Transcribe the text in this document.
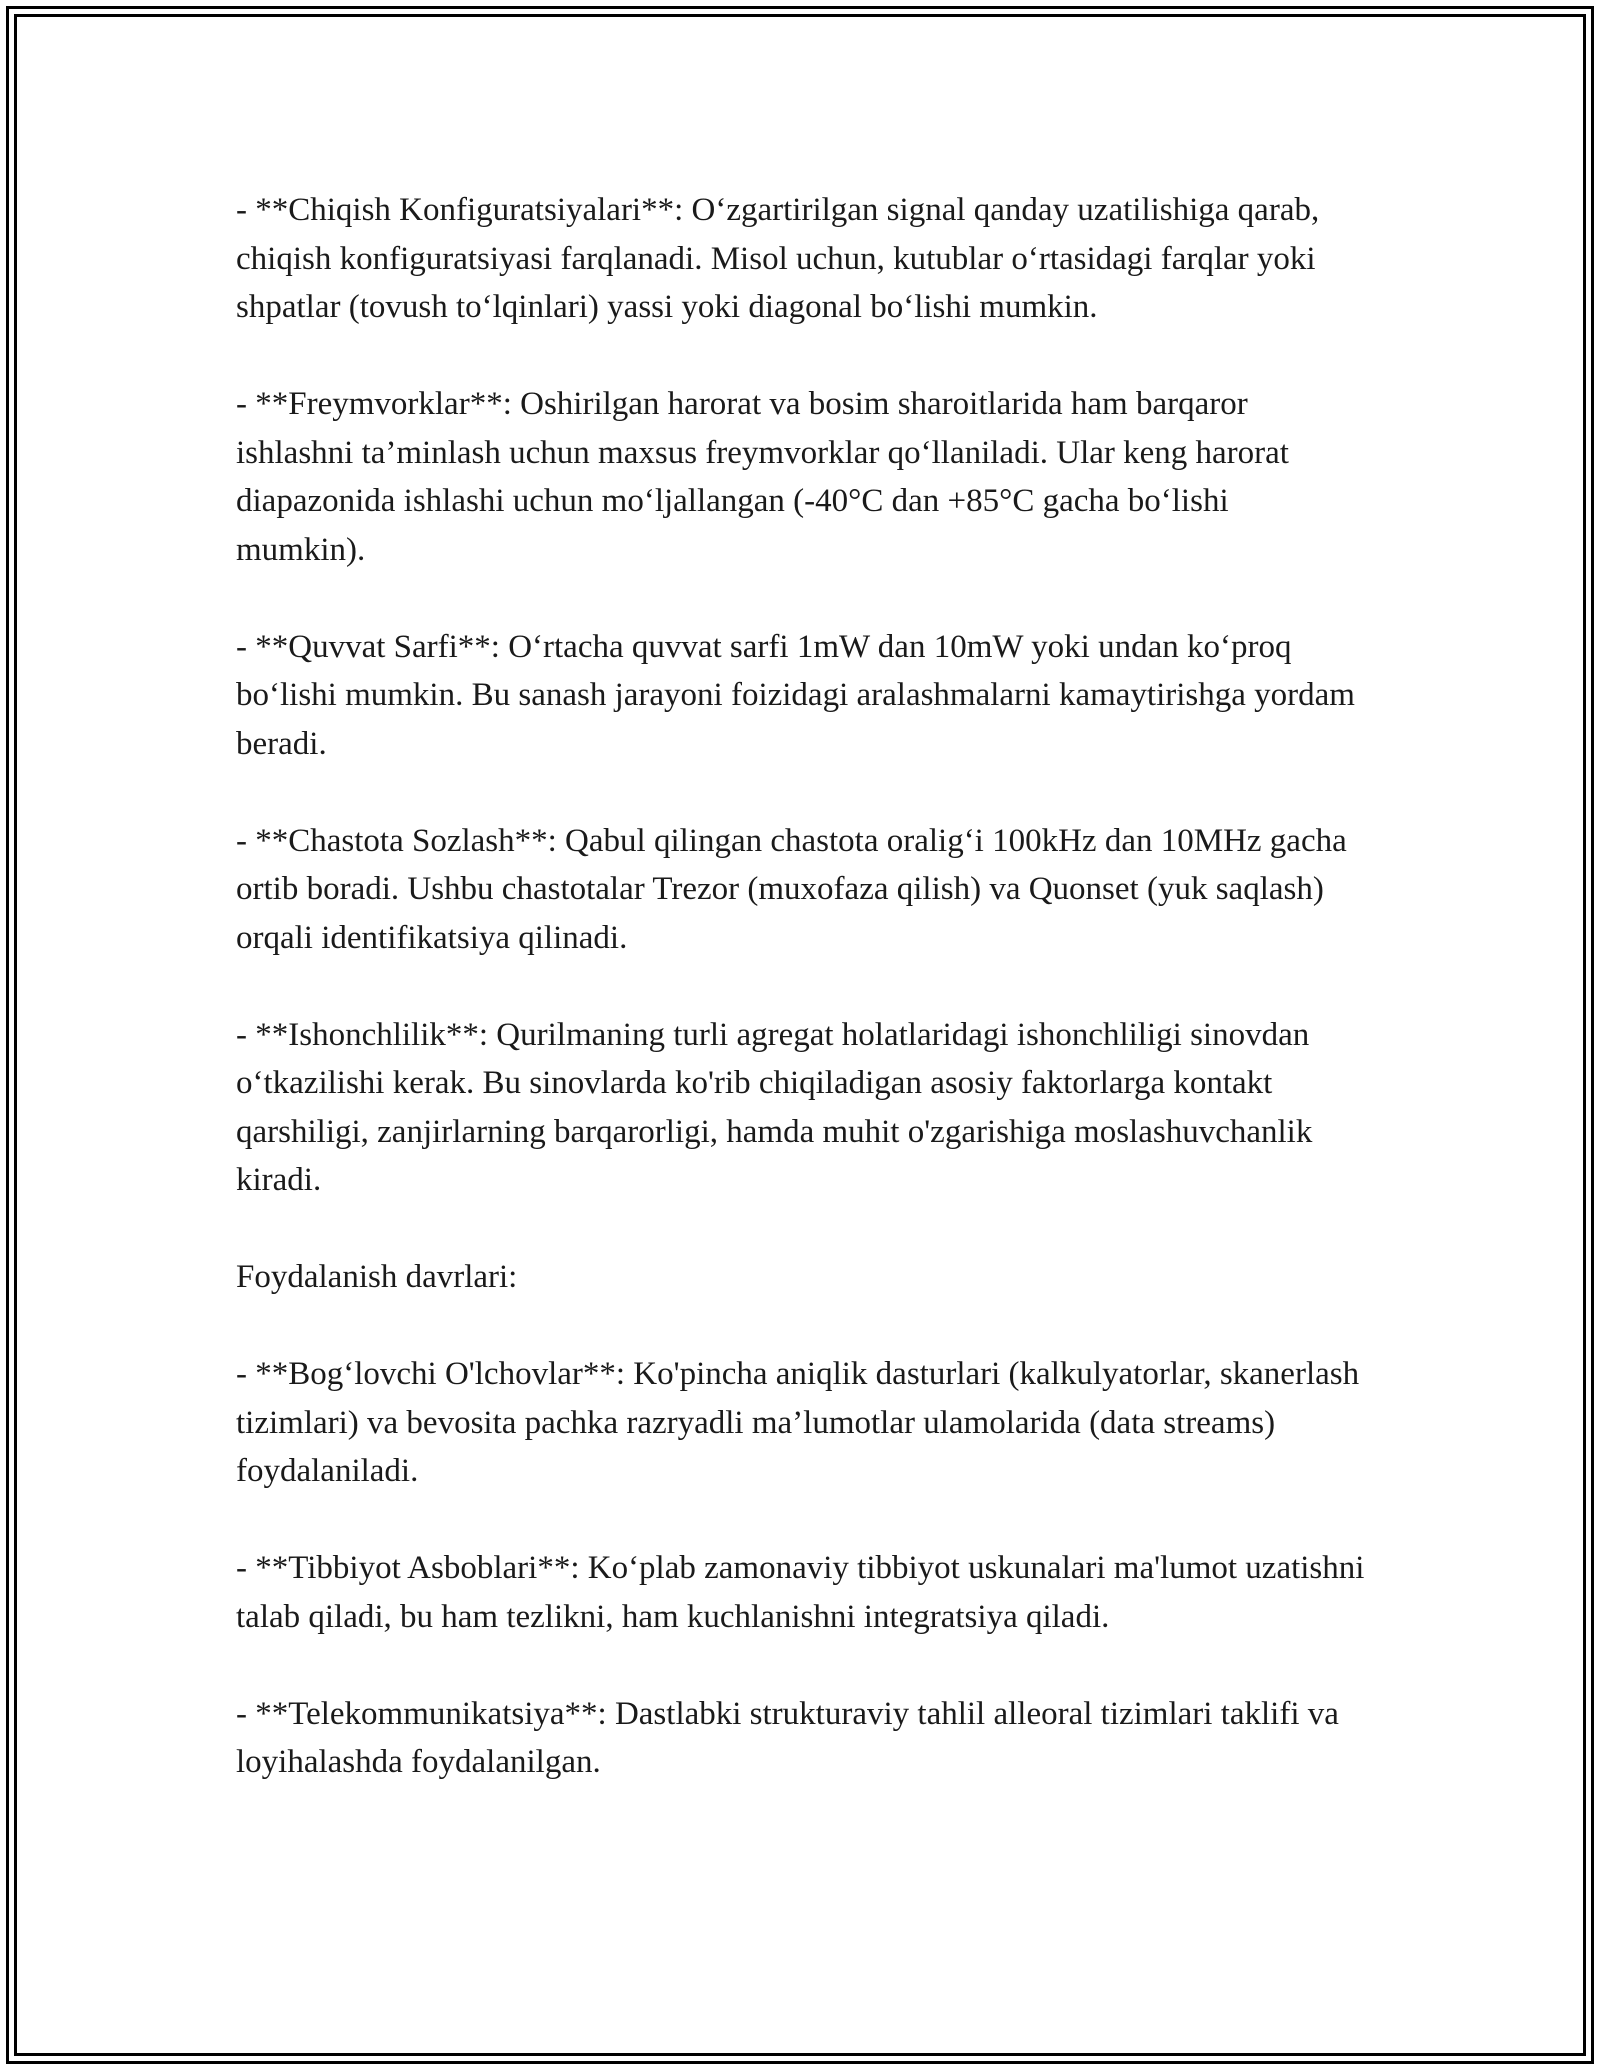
- **Chiqish Konfiguratsiyalari**: O‘zgartirilgan signal qanday uzatilishiga qarab, chiqish konfiguratsiyasi farqlanadi. Misol uchun, kutublar o‘rtasidagi farqlar yoki shpatlar (tovush to‘lqinlari) yassi yoki diagonal bo‘lishi mumkin.

- **Freymvorklar**: Oshirilgan harorat va bosim sharoitlarida ham barqaror ishlashni ta’minlash uchun maxsus freymvorklar qo‘llaniladi. Ular keng harorat diapazonida ishlashi uchun mo‘ljallangan (-40°C dan +85°C gacha bo‘lishi mumkin).

- **Quvvat Sarfi**: O‘rtacha quvvat sarfi 1mW dan 10mW yoki undan ko‘proq bo‘lishi mumkin. Bu sanash jarayoni foizidagi aralashmalarni kamaytirishga yordam beradi.

- **Chastota Sozlash**: Qabul qilingan chastota oralig‘i 100kHz dan 10MHz gacha ortib boradi. Ushbu chastotalar Trezor (muxofaza qilish) va Quonset (yuk saqlash) orqali identifikatsiya qilinadi.

- **Ishonchlilik**: Qurilmaning turli agregat holatlaridagi ishonchliligi sinovdan o‘tkazilishi kerak. Bu sinovlarda ko'rib chiqiladigan asosiy faktorlarga kontakt qarshiligi, zanjirlarning barqarorligi, hamda muhit o'zgarishiga moslashuvchanlik kiradi.

Foydalanish davrlari:

- **Bog‘lovchi O'lchovlar**: Ko'pincha aniqlik dasturlari (kalkulyatorlar, skanerlash tizimlari) va bevosita pachka razryadli ma’lumotlar ulamolarida (data streams) foydalaniladi.

- **Tibbiyot Asboblari**: Ko‘plab zamonaviy tibbiyot uskunalari ma'lumot uzatishni talab qiladi, bu ham tezlikni, ham kuchlanishni integratsiya qiladi.

- **Telekommunikatsiya**: Dastlabki strukturaviy tahlil alleoral tizimlari taklifi va loyihalashda foydalanilgan.
